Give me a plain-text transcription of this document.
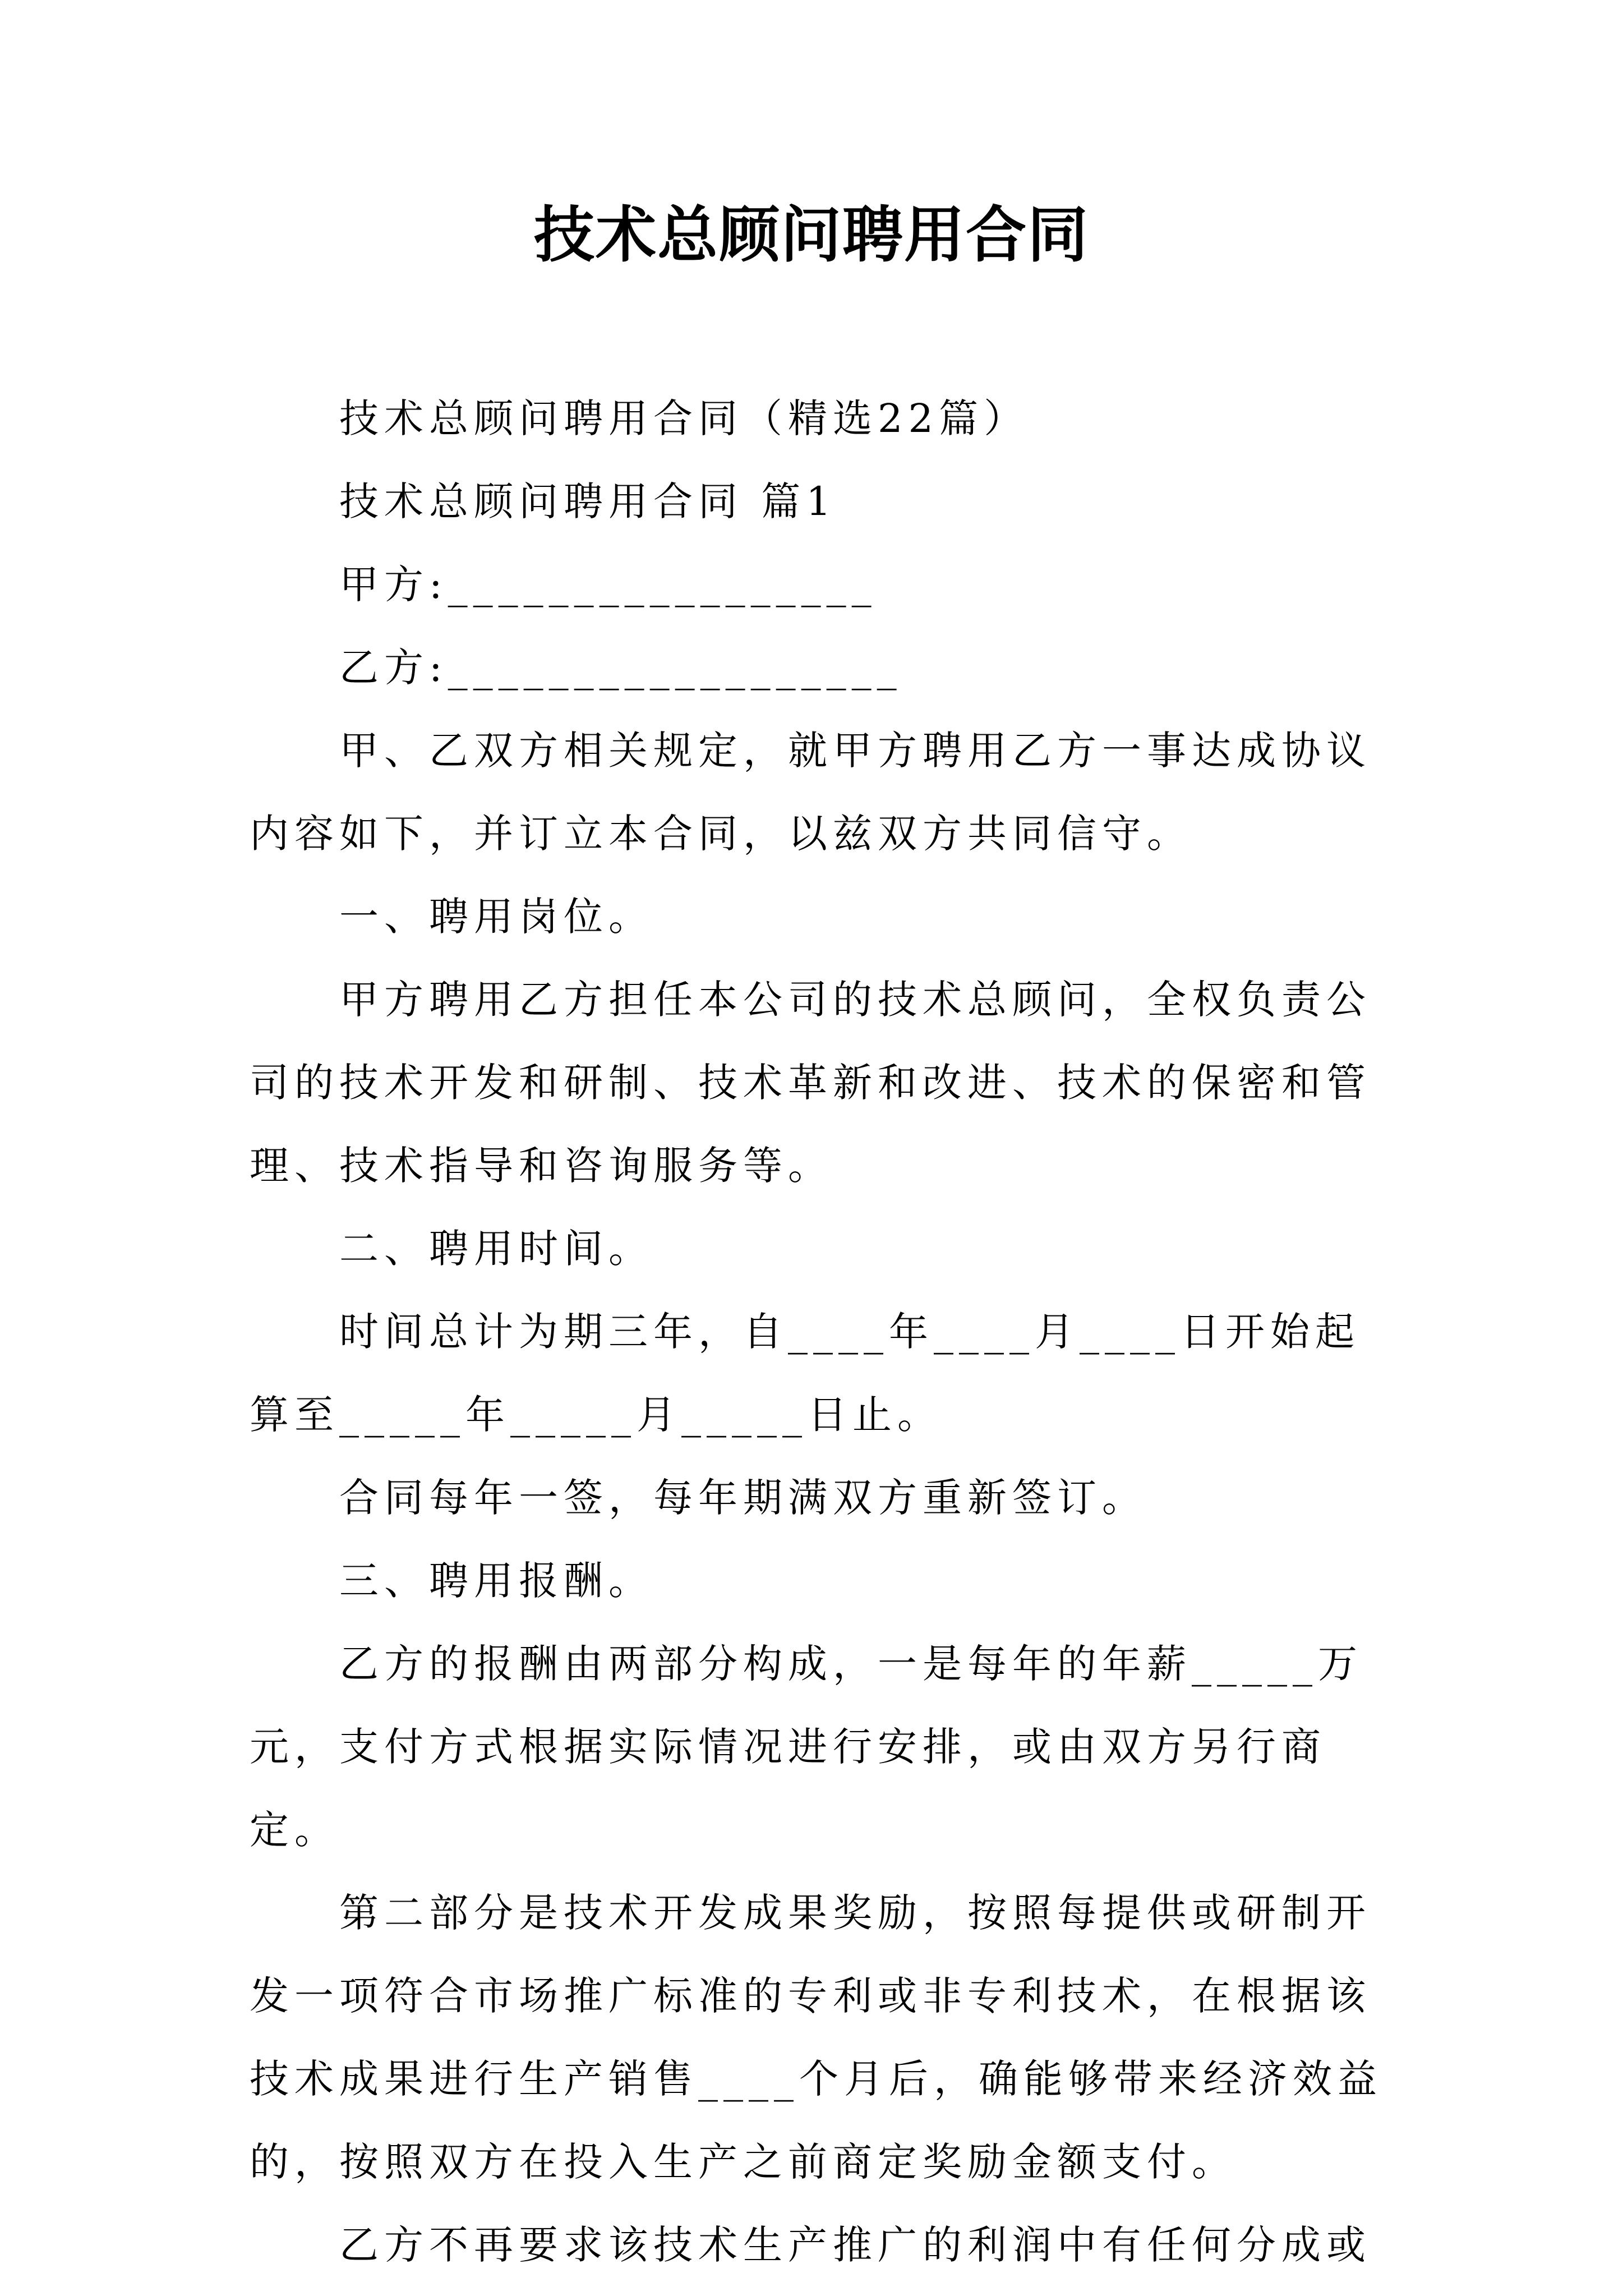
技术总顾问聘用合同

技术总顾问聘用合同（精选22篇）

技术总顾问聘用合同 篇1

甲方:_________________

乙方:__________________

甲、乙双方相关规定，就甲方聘用乙方一事达成协议内容如下，并订立本合同，以兹双方共同信守。

一、聘用岗位。

甲方聘用乙方担任本公司的技术总顾问，全权负责公司的技术开发和研制、技术革新和改进、技术的保密和管理、技术指导和咨询服务等。

二、聘用时间。

时间总计为期三年，自____年____月____日开始起算至_____年_____月_____日止。

合同每年一签，每年期满双方重新签订。

三、聘用报酬。

乙方的报酬由两部分构成，一是每年的年薪_____万元，支付方式根据实际情况进行安排，或由双方另行商定。

第二部分是技术开发成果奖励，按照每提供或研制开发一项符合市场推广标准的专利或非专利技术，在根据该技术成果进行生产销售____个月后，确能够带来经济效益的，按照双方在投入生产之前商定奖励金额支付。

乙方不再要求该技术生产推广的利润中有任何分成或
